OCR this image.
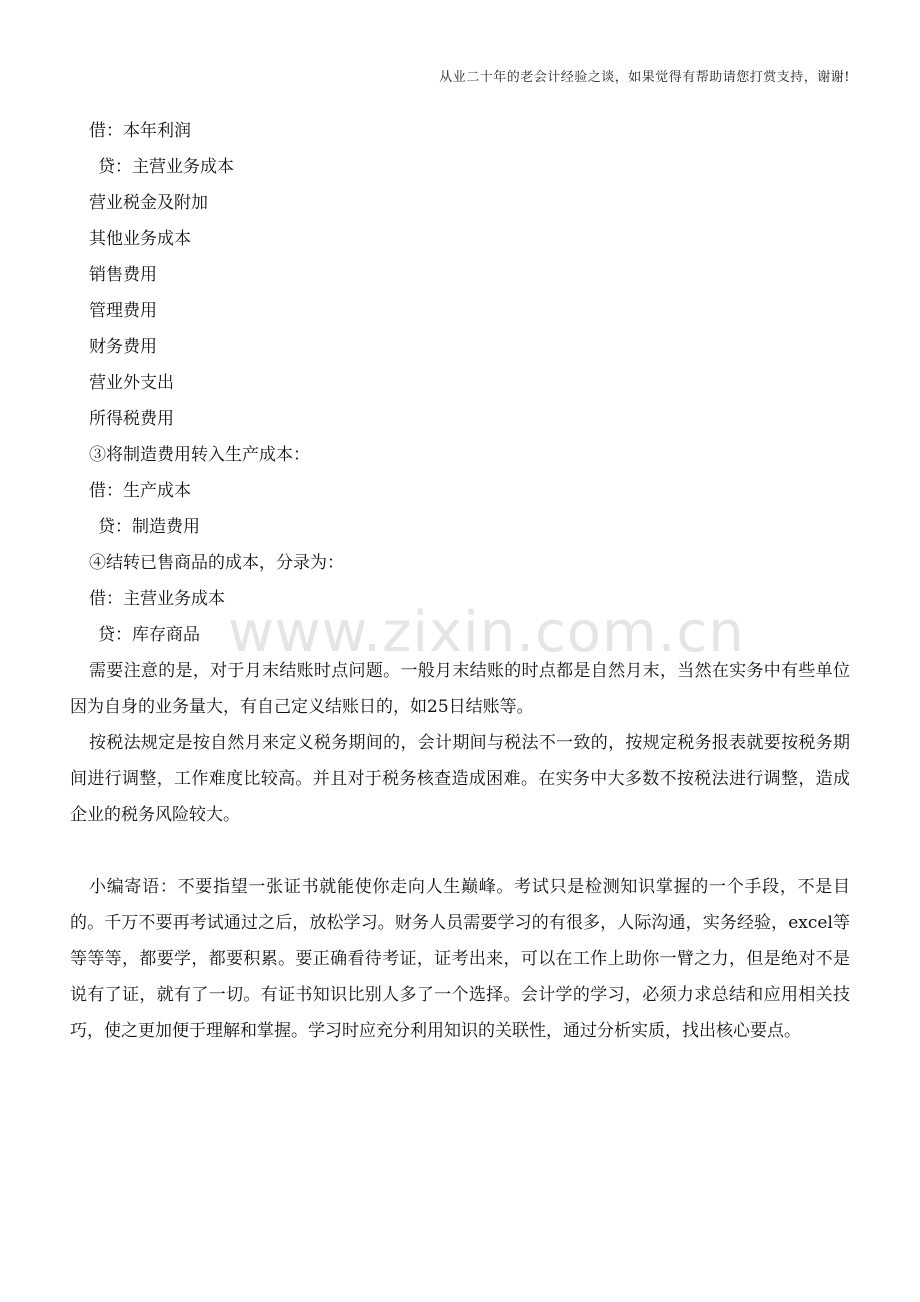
从业二十年的老会计经验之谈，如果觉得有帮助请您打赏支持，谢谢!
借：本年利润
贷：主营业务成本
营业税金及附加
其他业务成本
销售费用
管理费用
财务费用
营业外支出
所得税费用
③将制造费用转入生产成本：
借：生产成本
贷：制造费用
④结转已售商品的成本，分录为：
借：主营业务成本
贷：库存商品

需要注意的是，对于月末结账时点问题。一般月末结账的时点都是自然月末，当然在实务中有些单位因为自身的业务量大，有自己定义结账日的，如25日结账等。

按税法规定是按自然月来定义税务期间的，会计期间与税法不一致的，按规定税务报表就要按税务期间进行调整，工作难度比较高。并且对于税务核查造成困难。在实务中大多数不按税法进行调整，造成企业的税务风险较大。

小编寄语：不要指望一张证书就能使你走向人生巅峰。考试只是检测知识掌握的一个手段，不是目的。千万不要再考试通过之后，放松学习。财务人员需要学习的有很多，人际沟通，实务经验，excel等等等等，都要学，都要积累。要正确看待考证，证考出来，可以在工作上助你一臂之力，但是绝对不是说有了证，就有了一切。有证书知识比别人多了一个选择。会计学的学习，必须力求总结和应用相关技巧，使之更加便于理解和掌握。学习时应充分利用知识的关联性，通过分析实质，找出核心要点。

www.zixin.com.cn
